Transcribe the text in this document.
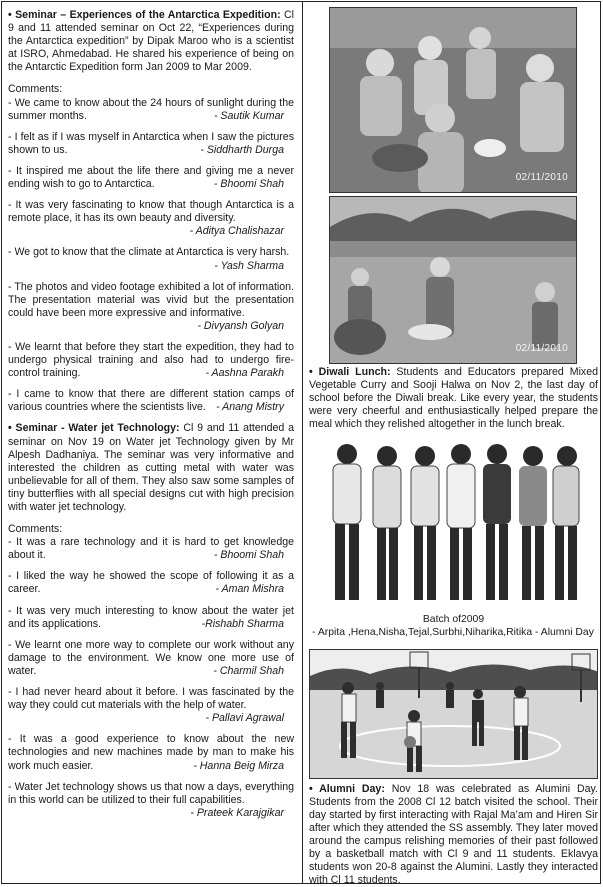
• Seminar – Experiences of the Antarctica Expedition: Cl 9 and 11 attended seminar on Oct 22, “Experiences during the Antarctica expedition” by Dipak Maroo who is a scientist at ISRO, Ahmedabad. He shared his experience of being on the Antarctic Expedition form Jan 2009 to Mar 2009.

Comments:
- We came to know about the 24 hours of sunlight during the summer months.	- Sautik Kumar
- I felt as if I was myself in Antarctica when I saw the pictures shown to us.	- Siddharth Durga
- It inspired me about the life there and giving me a never ending wish to go to Antarctica.	- Bhoomi Shah
- It was very fascinating to know that though Antarctica is a remote place, it has its own beauty and diversity.
- Aditya Chalishazar
- We got to know that the climate at Antarctica is very harsh.
- Yash Sharma
- The photos and video footage exhibited a lot of information. The presentation material was vivid but the presentation could have been more expressive and informative.
- Divyansh Golyan
- We learnt that before they start the expedition, they had to undergo physical training and also had to undergo fire-control training.	- Aashna Parakh
- I came to know that there are different station camps of various countries where the scientists live. - Anang Mistry

• Seminar - Water jet Technology: Cl 9 and 11 attended a seminar on Nov 19 on Water jet Technology given by Mr Alpesh Dadhaniya. The seminar was very informative and interested the children as cutting metal with water was unbelievable for all of them. They also saw some samples of tiny butterflies with all special designs cut with high precision with water jet technology.

Comments:
- It was a rare technology and it is hard to get knowledge about it.	- Bhoomi Shah
- I liked the way he showed the scope of following it as a career.	- Aman Mishra
- It was very much interesting to know about the water jet and its applications.	-Rishabh Sharma
- We learnt one more way to complete our work without any damage to the environment. We know one more use of water.	- Charmil Shah
- I had never heard about it before. I was fascinated by the way they could cut materials with the help of water.
- Pallavi Agrawal
- It was a good experience to know about the new technologies and new machines made by man to make his work much easier.	- Hanna Beig Mirza
- Water Jet technology shows us that now a days, everything in this world can be utilized to their full capabilities.
- Prateek Karajgikar
02/11/2010
02/11/2010
• Diwali Lunch: Students and Educators prepared Mixed Vegetable Curry and Sooji Halwa on Nov 2, the last day of school before the Diwali break. Like every year, the students were very cheerful and enthusiastically helped prepare the meal which they relished altogether in the lunch break.
Batch of2009
- Arpita ,Hena,Nisha,Tejal,Surbhi,Niharika,Ritika - Alumni Day
• Alumni Day: Nov 18 was celebrated as Alumini Day. Students from the 2008 Cl 12 batch visited the school. Their day started by first interacting with Rajal Ma’am and Hiren Sir after which they attended the SS assembly. They later moved around the campus relishing memories of their past followed by a basketball match with Cl 9 and 11 students. Eklavya students won 20-8 against the Alumini. Lastly they interacted with Cl 11 students.
